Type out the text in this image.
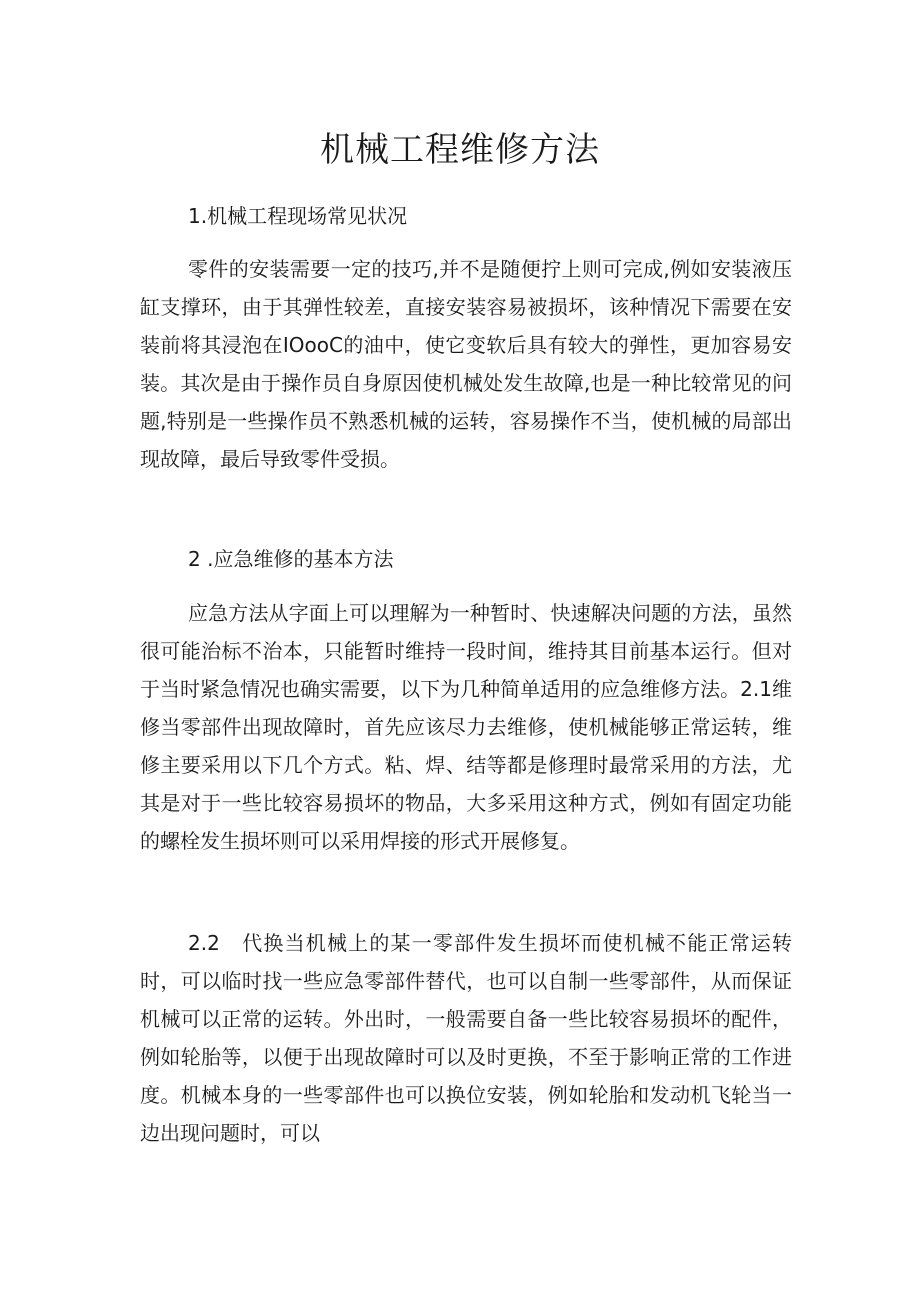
机械工程维修方法
1.机械工程现场常见状况

零件的安装需要一定的技巧,并不是随便拧上则可完成,例如安装液压缸支撑环，由于其弹性较差，直接安装容易被损坏，该种情况下需要在安装前将其浸泡在IOooC的油中，使它变软后具有较大的弹性，更加容易安装。其次是由于操作员自身原因使机械处发生故障,也是一种比较常见的问题,特别是一些操作员不熟悉机械的运转，容易操作不当，使机械的局部出现故障，最后导致零件受损。

2 .应急维修的基本方法

应急方法从字面上可以理解为一种暂时、快速解决问题的方法，虽然很可能治标不治本，只能暂时维持一段时间，维持其目前基本运行。但对于当时紧急情况也确实需要，以下为几种简单适用的应急维修方法。2.1维修当零部件出现故障时，首先应该尽力去维修，使机械能够正常运转，维修主要采用以下几个方式。粘、焊、结等都是修理时最常采用的方法，尤其是对于一些比较容易损坏的物品，大多采用这种方式，例如有固定功能的螺栓发生损坏则可以采用焊接的形式开展修复。

2.2　代换当机械上的某一零部件发生损坏而使机械不能正常运转时，可以临时找一些应急零部件替代，也可以自制一些零部件，从而保证机械可以正常的运转。外出时，一般需要自备一些比较容易损坏的配件，例如轮胎等，以便于出现故障时可以及时更换，不至于影响正常的工作进度。机械本身的一些零部件也可以换位安装，例如轮胎和发动机飞轮当一边出现问题时，可以
